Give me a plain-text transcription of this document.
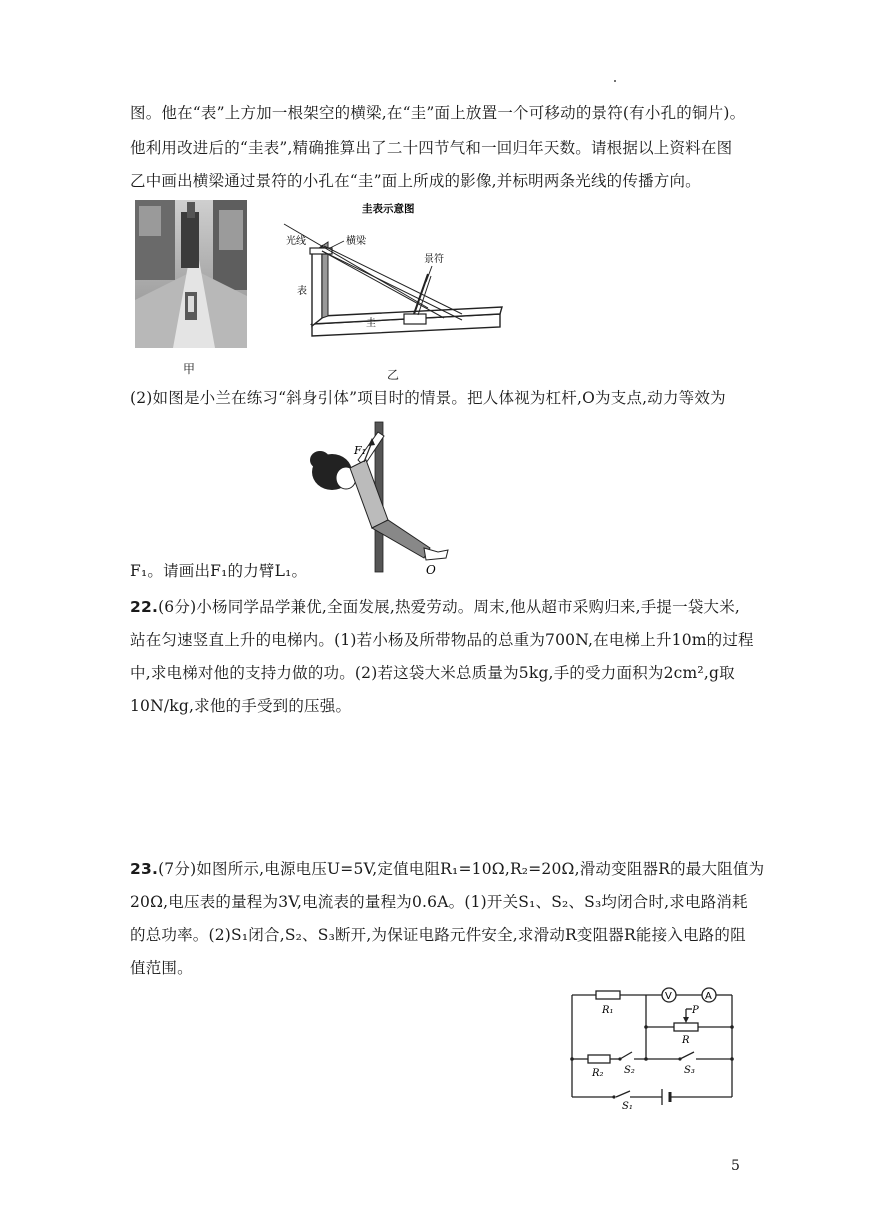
图。他在“表”上方加一根架空的横梁,在“圭”面上放置一个可移动的景符(有小孔的铜片)。
他利用改进后的“圭表”,精确推算出了二十四节气和一回归年天数。请根据以上资料在图
乙中画出横梁通过景符的小孔在“圭”面上所成的影像,并标明两条光线的传播方向。
甲
圭表示意图
光线	横梁
表
圭
景符
乙
(2)如图是小兰在练习“斜身引体”项目时的情景。把人体视为杠杆,O为支点,动力等效为
F₁
O
F₁。请画出F₁的力臂L₁。
22.(6分)小杨同学品学兼优,全面发展,热爱劳动。周末,他从超市采购归来,手提一袋大米,
站在匀速竖直上升的电梯内。(1)若小杨及所带物品的总重为700N,在电梯上升10m的过程
中,求电梯对他的支持力做的功。(2)若这袋大米总质量为5kg,手的受力面积为2cm²,g取
10N/kg,求他的手受到的压强。
23.(7分)如图所示,电源电压U=5V,定值电阻R₁=10Ω,R₂=20Ω,滑动变阻器R的最大阻值为
20Ω,电压表的量程为3V,电流表的量程为0.6A。(1)开关S₁、S₂、S₃均闭合时,求电路消耗
的总功率。(2)S₁闭合,S₂、S₃断开,为保证电路元件安全,求滑动R变阻器R能接入电路的阻
值范围。
V	A
R₁	P
R
R₂ S₂	S₃
S₁
5
